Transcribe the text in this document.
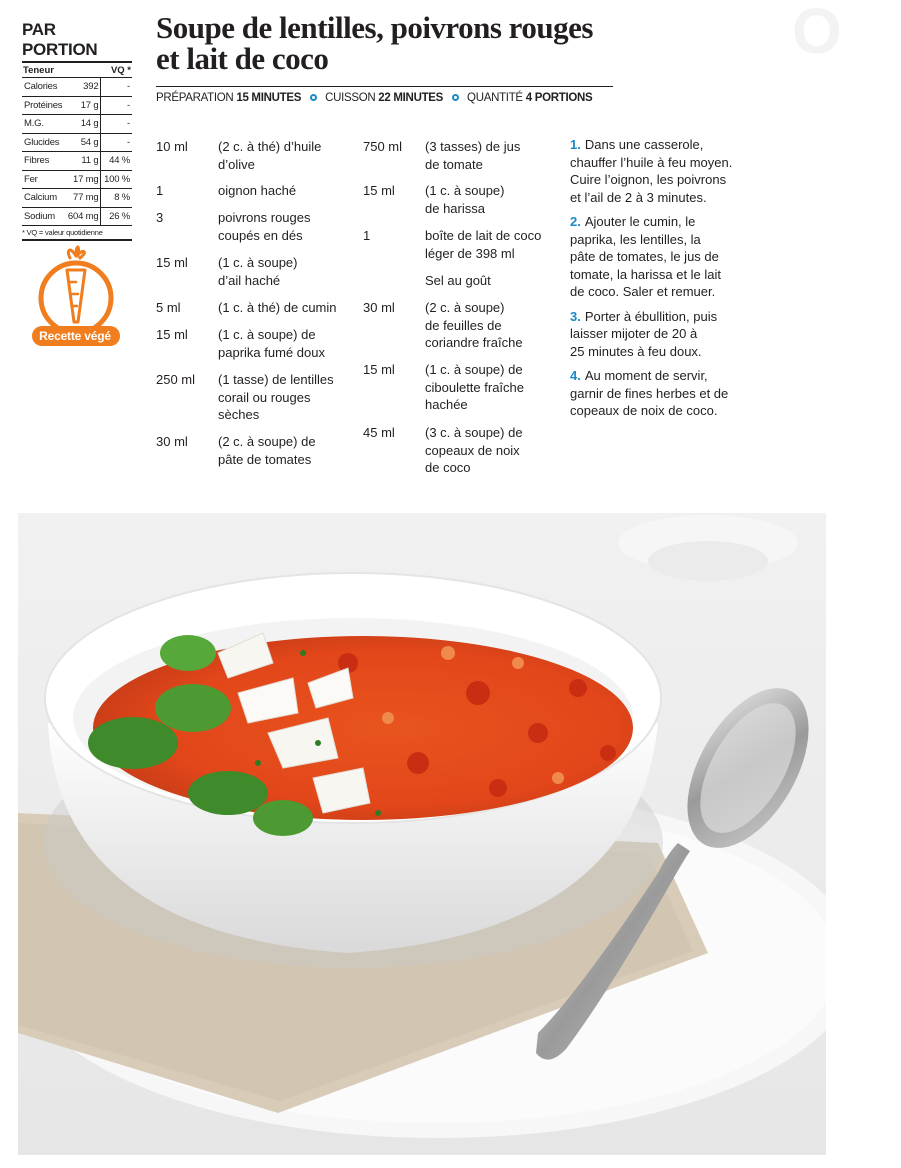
O
PAR PORTION
Teneur		VQ *
Calories	392	-
Protéines	17 g	-
M.G.	14 g	-
Glucides	54 g	-
Fibres	11 g	44 %
Fer	17 mg	100 %
Calcium	77 mg	8 %
Sodium	604 mg	26 %
* VQ = valeur quotidienne
Recette végé
Soupe de lentilles, poivrons rouges
et lait de coco
PRÉPARATION 15 MINUTES CUISSON 22 MINUTES QUANTITÉ 4 PORTIONS
10 ml (2 c. à thé) d’huile
d’olive
1	oignon haché
3	poivrons rouges
coupés en dés
15 ml (1 c. à soupe)
d’ail haché
5 ml	(1 c. à thé) de cumin
15 ml (1 c. à soupe) de
paprika fumé doux
250 ml (1 tasse) de lentilles
corail ou rouges
sèches
30 ml (2 c. à soupe) de
pâte de tomates
750 ml (3 tasses) de jus
de tomate
15 ml (1 c. à soupe)
de harissa
1	boîte de lait de coco
léger de 398 ml
Sel au goût
30 ml (2 c. à soupe)
de feuilles de
coriandre fraîche
15 ml (1 c. à soupe) de
ciboulette fraîche
hachée
45 ml (3 c. à soupe) de
copeaux de noix
de coco
1. Dans une casserole,
chauffer l’huile à feu moyen.
Cuire l’oignon, les poivrons
et l’ail de 2 à 3 minutes.
2. Ajouter le cumin, le
paprika, les lentilles, la
pâte de tomates, le jus de
tomate, la harissa et le lait
de coco. Saler et remuer.
3. Porter à ébullition, puis
laisser mijoter de 20 à
25 minutes à feu doux.
4. Au moment de servir,
garnir de fines herbes et de
copeaux de noix de coco.
